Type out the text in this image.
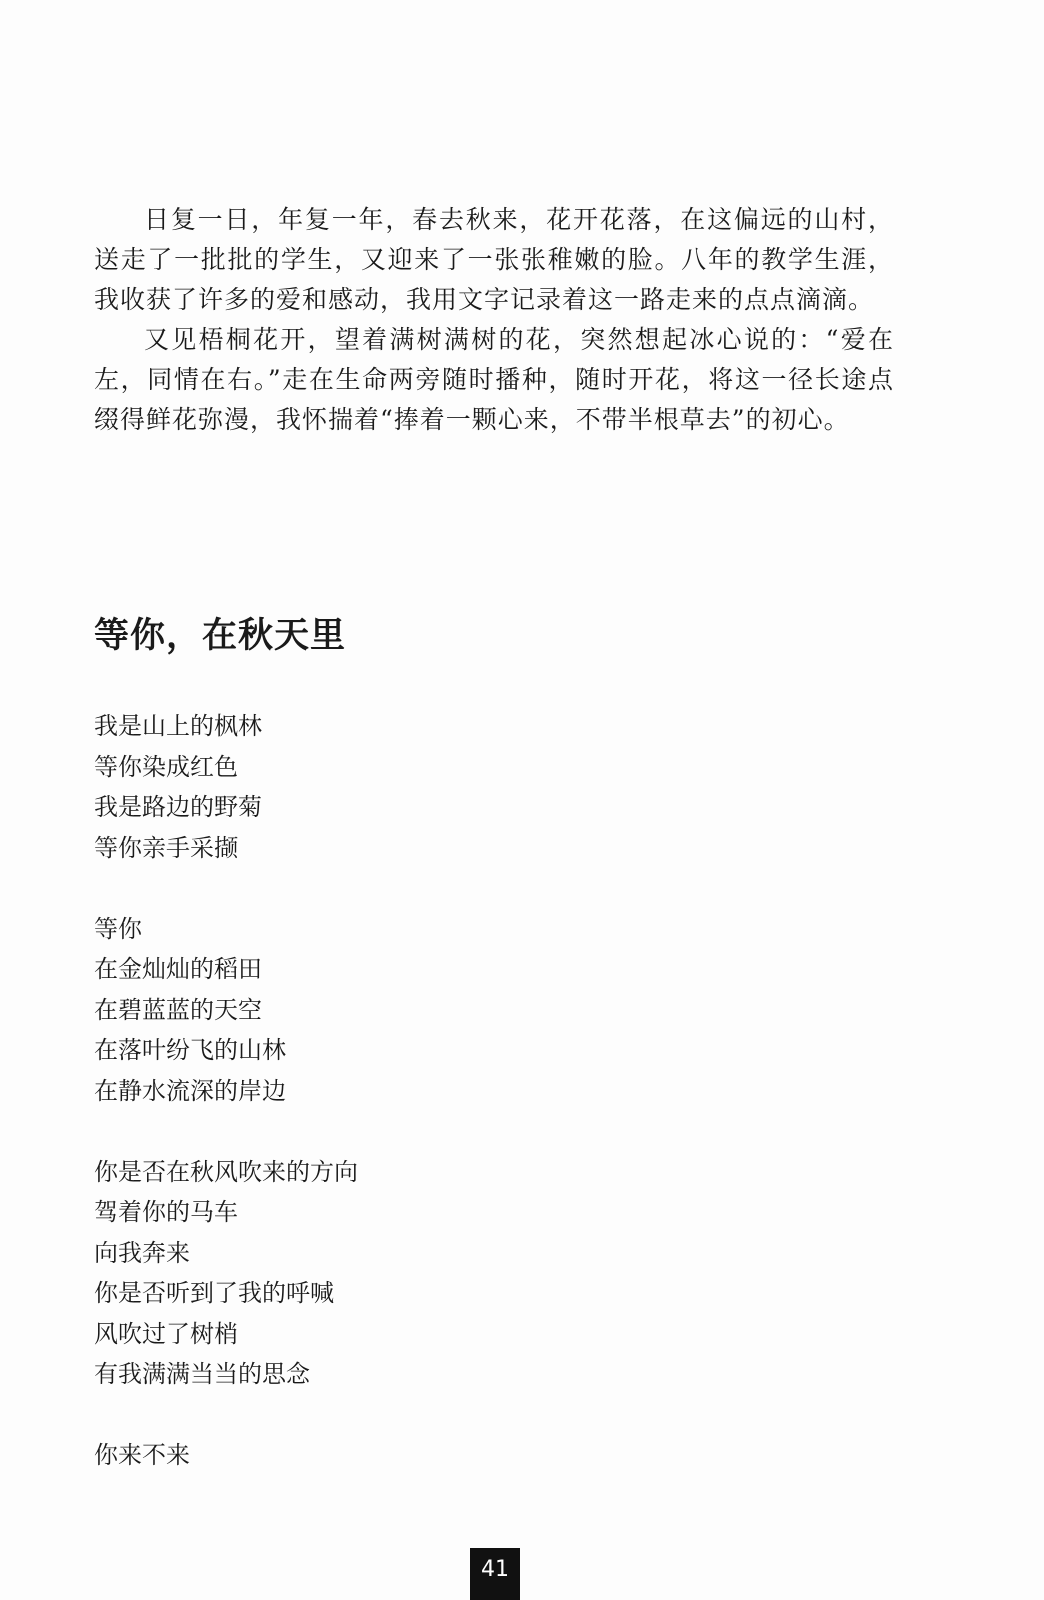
日复一日，年复一年，春去秋来，花开花落，在这偏远的山村，送走了一批批的学生，又迎来了一张张稚嫩的脸。八年的教学生涯，我收获了许多的爱和感动，我用文字记录着这一路走来的点点滴滴。

又见梧桐花开，望着满树满树的花，突然想起冰心说的：“爱在左，同情在右。”走在生命两旁随时播种，随时开花，将这一径长途点缀得鲜花弥漫，我怀揣着“捧着一颗心来，不带半根草去”的初心。

等你，在秋天里
我是山上的枫林
等你染成红色
我是路边的野菊
等你亲手采撷
等你
在金灿灿的稻田
在碧蓝蓝的天空
在落叶纷飞的山林
在静水流深的岸边
你是否在秋风吹来的方向
驾着你的马车
向我奔来
你是否听到了我的呼喊
风吹过了树梢
有我满满当当的思念
你来不来
41
